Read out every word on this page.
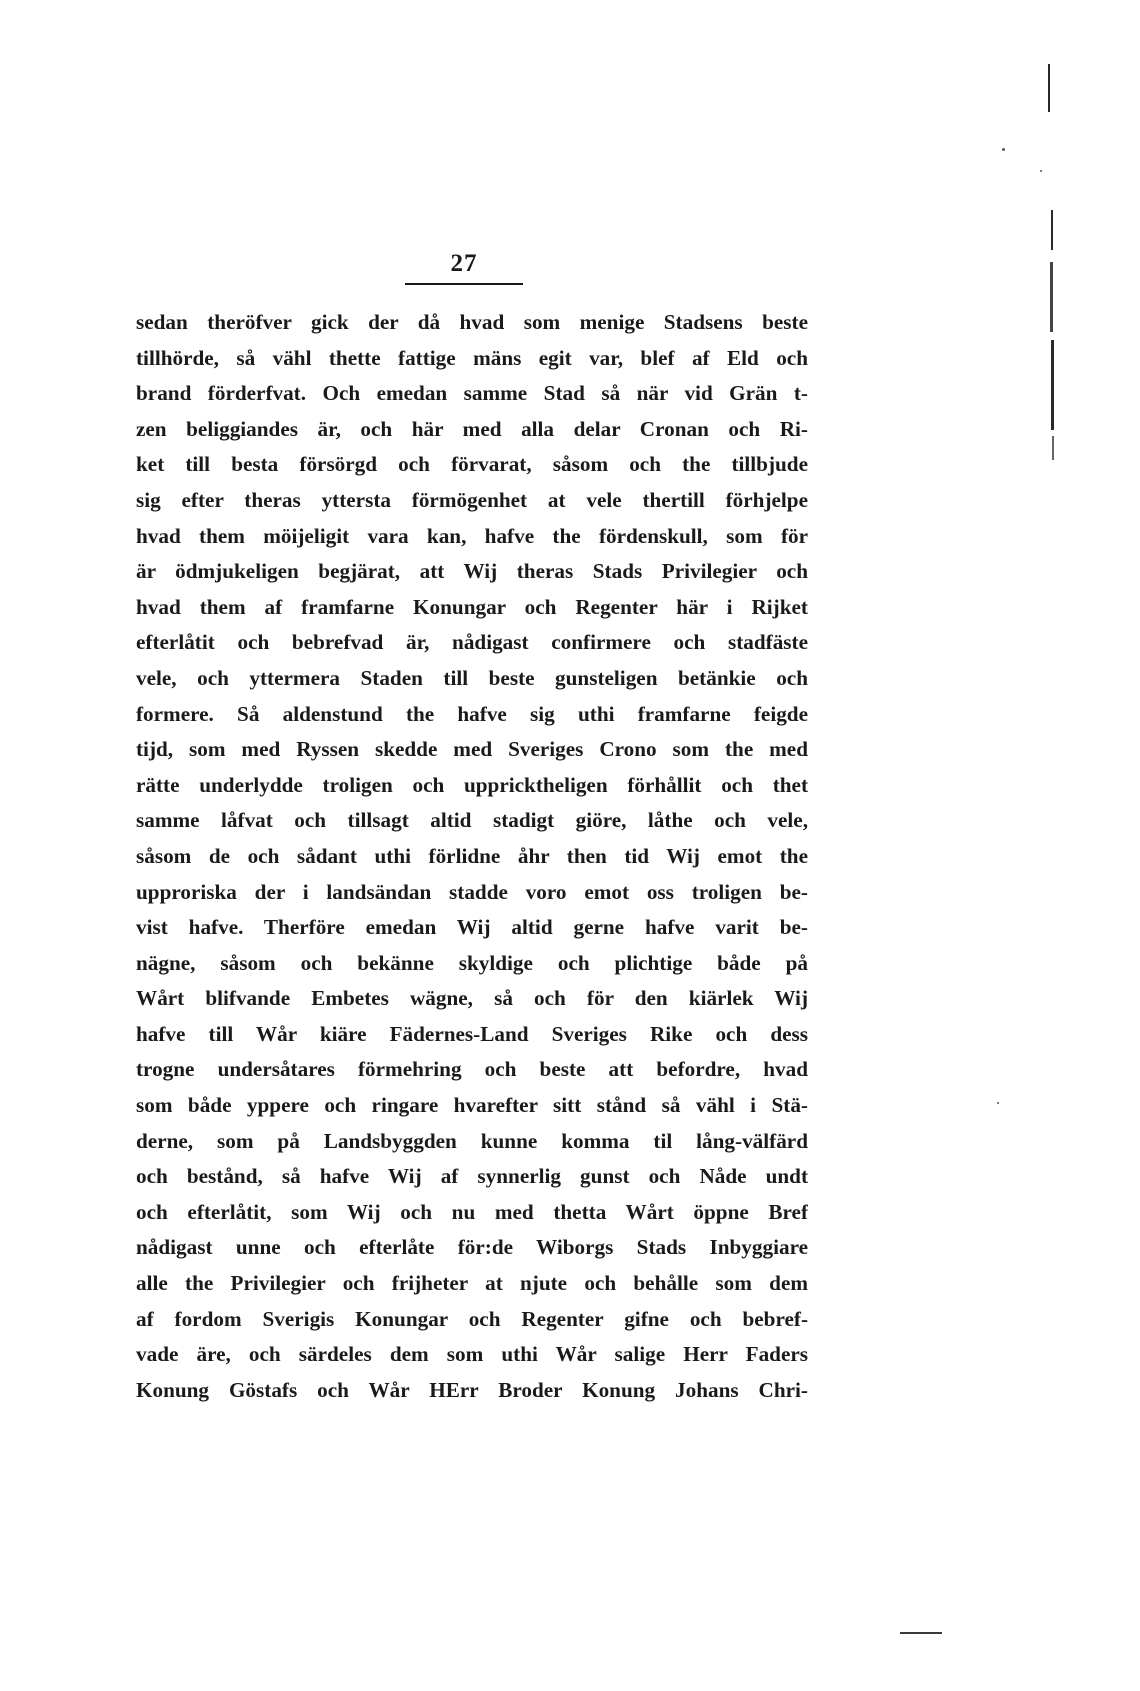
27
sedan theröfver gick der då hvad som menige Stadsens beste
tillhörde, så vähl thette fattige mäns egit var, blef af Eld och
brand förderfvat. Och emedan samme Stad så när vid Grän t-
zen beliggiandes är, och här med alla delar Cronan och Ri-
ket till besta försörgd och förvarat, såsom och the tillbjude
sig efter theras yttersta förmögenhet at vele thertill förhjelpe
hvad them möijeligit vara kan, hafve the fördenskull, som för
är ödmjukeligen begjärat, att Wij theras Stads Privilegier och
hvad them af framfarne Konungar och Regenter här i Rijket
efterlåtit och bebrefvad är, nådigast confirmere och stadfäste
vele, och yttermera Staden till beste gunsteligen betänkie och
formere. Så aldenstund the hafve sig uthi framfarne feigde
tijd, som med Ryssen skedde med Sveriges Crono som the med
rätte underlydde troligen och uppricktheligen förhållit och thet
samme låfvat och tillsagt altid stadigt giöre, låthe och vele,
såsom de och sådant uthi förlidne åhr then tid Wij emot the
upproriska der i landsändan stadde voro emot oss troligen be-
vist hafve. Therföre emedan Wij altid gerne hafve varit be-
nägne, såsom och bekänne skyldige och plichtige både på
Wårt blifvande Embetes wägne, så och för den kiärlek Wij
hafve till Wår kiäre Fädernes-Land Sveriges Rike och dess
trogne undersåtares förmehring och beste att befordre, hvad
som både yppere och ringare hvarefter sitt stånd så vähl i Stä-
derne, som på Landsbyggden kunne komma til lång-välfärd
och bestånd, så hafve Wij af synnerlig gunst och Nåde undt
och efterlåtit, som Wij och nu med thetta Wårt öppne Bref
nådigast unne och efterlåte för:de Wiborgs Stads Inbyggiare
alle the Privilegier och frijheter at njute och behålle som dem
af fordom Sverigis Konungar och Regenter gifne och bebref-
vade äre, och särdeles dem som uthi Wår salige Herr Faders
Konung Göstafs och Wår HErr Broder Konung Johans Chri-
